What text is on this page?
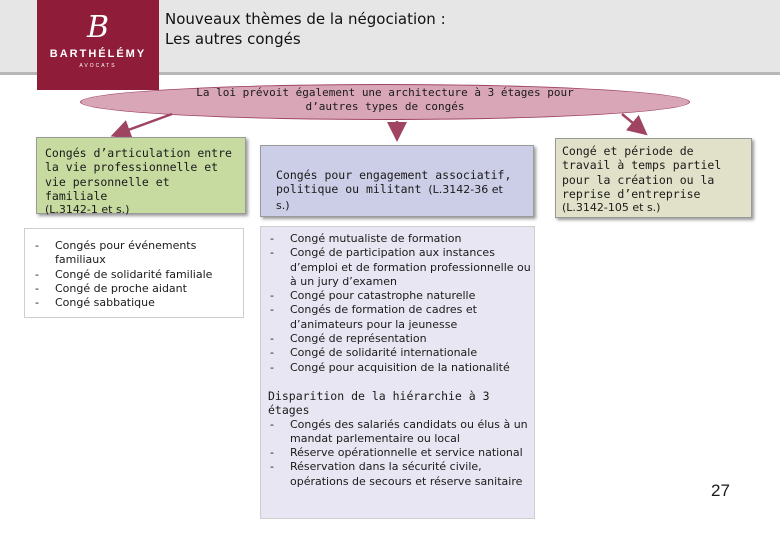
B
BARTHÉLÉMY
AVOCATS
Nouveaux thèmes de la négociation :
Les autres congés
La loi prévoit également une architecture à 3 étages pour d’autres types de congés
Congés d’articulation entre la vie professionnelle et vie personnelle et familiale
(L.3142-1 et s.)
Congés pour engagement associatif, politique ou militant (L.3142-36 et s.)
Congé et période de travail à temps partiel pour la création ou la reprise d’entreprise
(L.3142-105 et s.)
- Congés pour événements familiaux
- Congé de solidarité familiale
- Congé de proche aidant
- Congé sabbatique
- Congé mutualiste de formation
- Congé de participation aux instances d’emploi et de formation professionnelle ou à un jury d’examen
- Congé pour catastrophe naturelle
- Congés de formation de cadres et d’animateurs pour la jeunesse
- Congé de représentation
- Congé de solidarité internationale
- Congé pour acquisition de la nationalité
Disparition de la hiérarchie à 3 étages
- Congés des salariés candidats ou élus à un mandat parlementaire ou local
- Réserve opérationnelle et service national
- Réservation dans la sécurité civile, opérations de secours et réserve sanitaire	27
